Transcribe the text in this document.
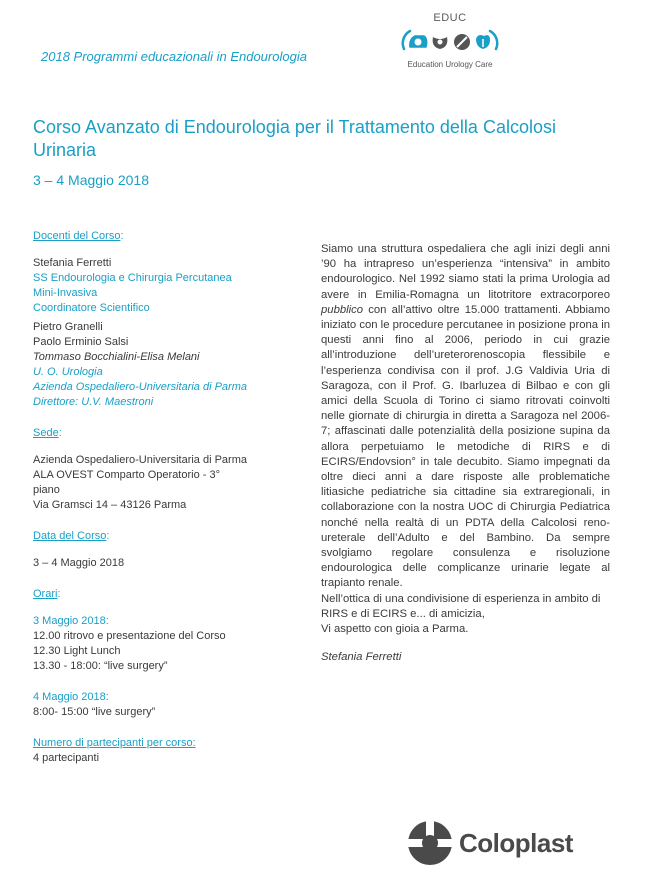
2018 Programmi educazionali in Endourologia
EDUC
Education Urology Care
Corso Avanzato di Endourologia per il Trattamento della Calcolosi Urinaria
3 – 4 Maggio 2018
Docenti del Corso:
Stefania Ferretti
SS Endourologia e Chirurgia Percutanea
Mini-Invasiva
Coordinatore Scientifico
Pietro Granelli
Paolo Erminio Salsi
Tommaso Bocchialini-Elisa Melani
U. O. Urologia
Azienda Ospedaliero-Universitaria di Parma
Direttore: U.V. Maestroni
Sede:
Azienda Ospedaliero-Universitaria di Parma
ALA OVEST Comparto Operatorio - 3°
piano
Via Gramsci 14 – 43126 Parma
Data del Corso:
3 – 4 Maggio 2018
Orari:
3 Maggio 2018:
12.00 ritrovo e presentazione del Corso
12.30 Light Lunch
13.30 - 18:00: “live surgery”
4 Maggio 2018:
8:00- 15:00 “live surgery”
Numero di partecipanti per corso:
4 partecipanti

Siamo una struttura ospedaliera che agli inizi degli anni ’90 ha intrapreso un’esperienza “intensiva” in ambito endourologico. Nel 1992 siamo stati la prima Urologia ad avere in Emilia-Romagna un litotritore extracorporeo pubblico con all’attivo oltre 15.000 trattamenti. Abbiamo iniziato con le procedure percutanee in posizione prona in questi anni fino al 2006, periodo in cui grazie all’introduzione dell’ureterorenoscopia flessibile e l’esperienza condivisa con il prof. J.G Valdivia Uria di Saragoza, con il Prof. G. Ibarluzea di Bilbao e con gli amici della Scuola di Torino ci siamo ritrovati coinvolti nelle giornate di chirurgia in diretta a Saragoza nel 2006-7; affascinati dalle potenzialità della posizione supina da allora perpetuiamo le metodiche di RIRS e di ECIRS/Endovsion° in tale decubito. Siamo impegnati da oltre dieci anni a dare risposte alle problematiche litiasiche pediatriche sia cittadine sia extraregionali, in collaborazione con la nostra UOC di Chirurgia Pediatrica nonché nella realtà di un PDTA della Calcolosi reno-ureterale dell’Adulto e del Bambino. Da sempre svolgiamo regolare consulenza e risoluzione endourologica delle complicanze urinarie legate al trapianto renale.

Nell’ottica di una condivisione di esperienza in ambito di RIRS e di ECIRS e... di amicizia,

Vi aspetto con gioia a Parma.

Stefania Ferretti
Coloplast
